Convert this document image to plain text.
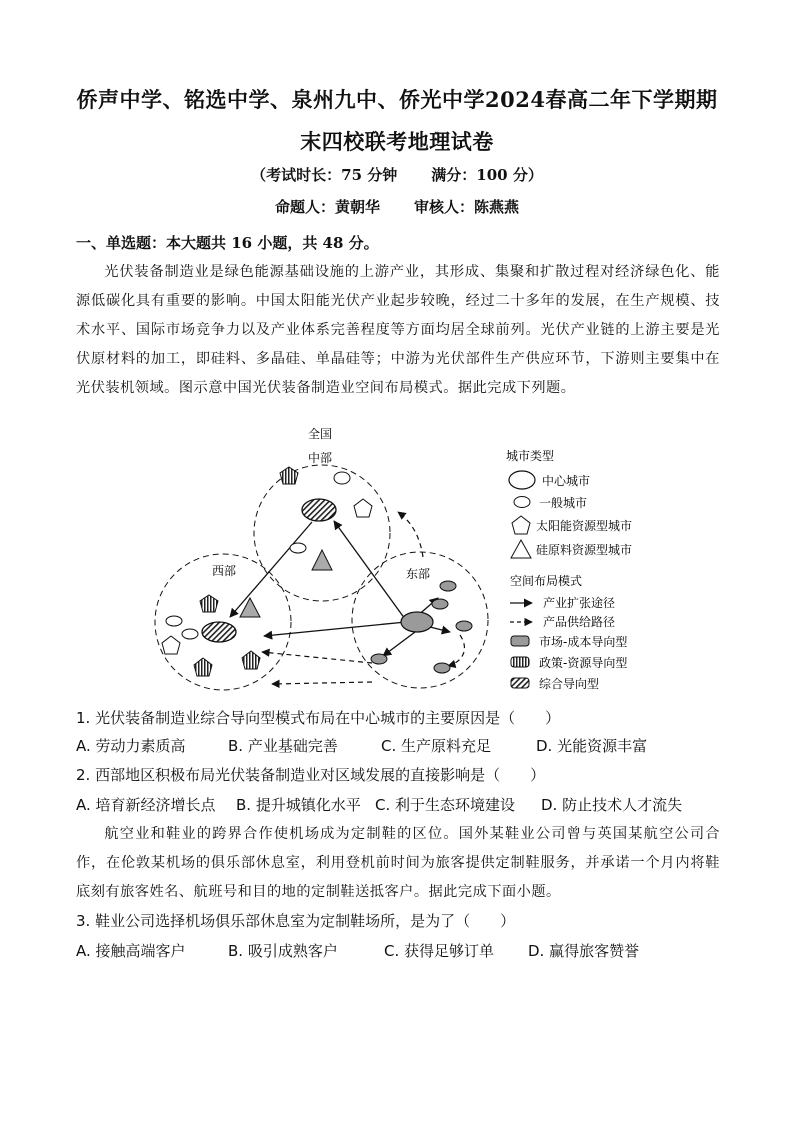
侨声中学、铭选中学、泉州九中、侨光中学2024春高二年下学期期
末四校联考地理试卷
（考试时长：75 分钟 满分：100 分）
命题人：黄朝华 审核人：陈燕燕
一、单选题：本大题共 16 小题，共 48 分。
光伏装备制造业是绿色能源基础设施的上游产业，其形成、集聚和扩散过程对经济绿色化、能源低碳化具有重要的影响。中国太阳能光伏产业起步较晚，经过二十多年的发展，在生产规模、技术水平、国际市场竞争力以及产业体系完善程度等方面均居全球前列。光伏产业链的上游主要是光伏原材料的加工，即硅料、多晶硅、单晶硅等；中游为光伏部件生产供应环节，下游则主要集中在光伏装机领域。图示意中国光伏装备制造业空间布局模式。据此完成下列题。
全国
中部
西部	东部
城市类型
中心城市
一般城市
太阳能资源型城市
硅原料资源型城市
空间布局模式
产业扩张途径
产品供给路径
市场-成本导向型
政策-资源导向型
综合导向型
1. 光伏装备制造业综合导向型模式布局在中心城市的主要原因是（　　）
A. 劳动力素质高	B. 产业基础完善	C. 生产原料充足	D. 光能资源丰富
2. 西部地区积极布局光伏装备制造业对区域发展的直接影响是（　　）
A. 培育新经济增长点 B. 提升城镇化水平 C. 利于生态环境建设 D. 防止技术人才流失
航空业和鞋业的跨界合作使机场成为定制鞋的区位。国外某鞋业公司曾与英国某航空公司合作，在伦敦某机场的俱乐部休息室，利用登机前时间为旅客提供定制鞋服务，并承诺一个月内将鞋底刻有旅客姓名、航班号和目的地的定制鞋送抵客户。据此完成下面小题。
3. 鞋业公司选择机场俱乐部休息室为定制鞋场所，是为了（　　）
A. 接触高端客户	B. 吸引成熟客户	C. 获得足够订单 D. 赢得旅客赞誉
